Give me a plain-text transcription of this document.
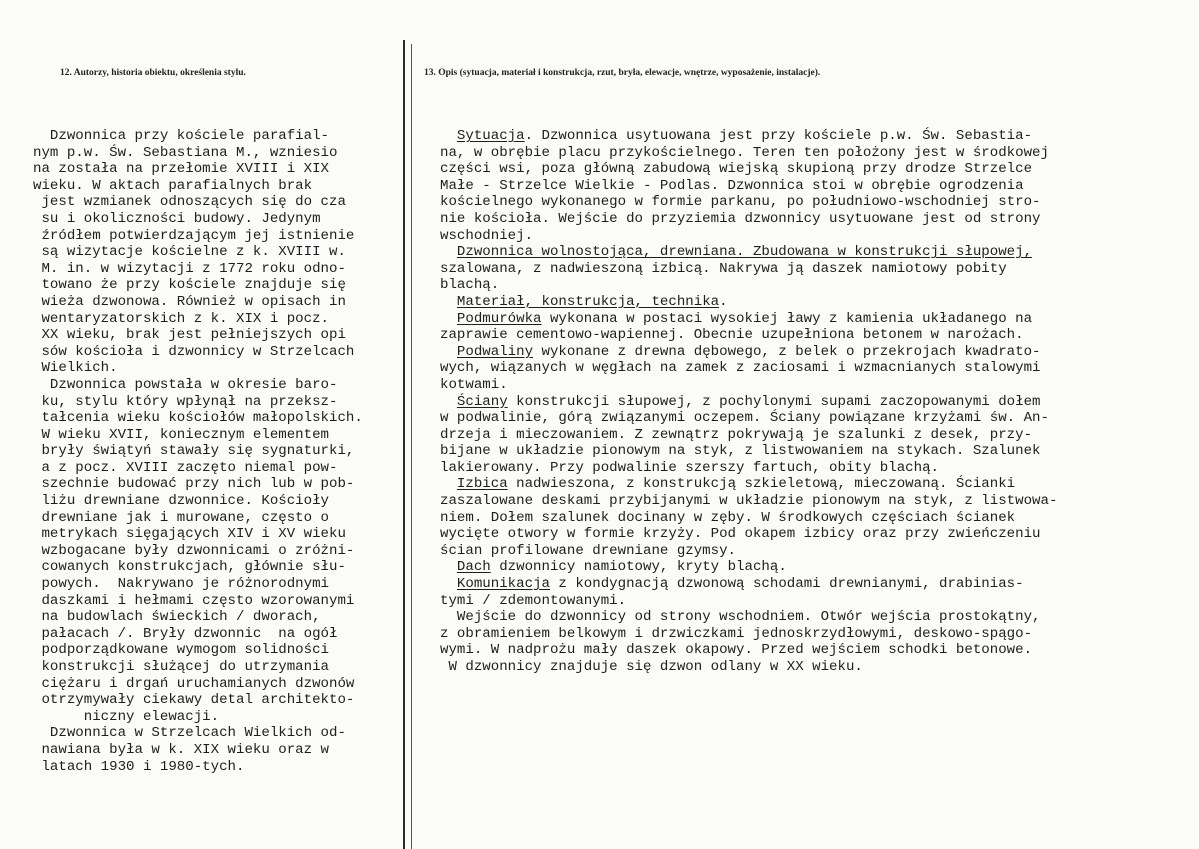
12. Autorzy, historia obiektu, określenia stylu.	13. Opis (sytuacja, materiał i konstrukcja, rzut, bryła, elewacje, wnętrze, wyposażenie, instalacje).
Dzwonnica przy kościele parafial-
nym p.w. Św. Sebastiana M., wzniesio
na została na przełomie XVIII i XIX
wieku. W aktach parafialnych brak
jest wzmianek odnoszących się do cza
su i okoliczności budowy. Jedynym
źródłem potwierdzającym jej istnienie
są wizytacje kościelne z k. XVIII w.
M. in. w wizytacji z 1772 roku odno-
towano że przy kościele znajduje się
wieża dzwonowa. Również w opisach in
wentaryzatorskich z k. XIX i pocz.
XX wieku, brak jest pełniejszych opi
sów kościoła i dzwonnicy w Strzelcach
Wielkich.
Dzwonnica powstała w okresie baro-
ku, stylu który wpłynął na przeksz-
tałcenia wieku kościołów małopolskich.
W wieku XVII, koniecznym elementem
bryły świątyń stawały się sygnaturki,
a z pocz. XVIII zaczęto niemal pow-
szechnie budować przy nich lub w pob-
liżu drewniane dzwonnice. Kościoły
drewniane jak i murowane, często o
metrykach sięgających XIV i XV wieku
wzbogacane były dzwonnicami o zróżni-
cowanych konstrukcjach, głównie słu-
powych.  Nakrywano je różnorodnymi
daszkami i hełmami często wzorowanymi
na budowlach świeckich / dworach,
pałacach /. Bryły dzwonnic  na ogół
podporządkowane wymogom solidności
konstrukcji służącej do utrzymania
ciężaru i drgań uruchamianych dzwonów
otrzymywały ciekawy detal architekto-
niczny elewacji.
Dzwonnica w Strzelcach Wielkich od-
nawiana była w k. XIX wieku oraz w
latach 1930 i 1980-tych.
Sytuacja. Dzwonnica usytuowana jest przy kościele p.w. Św. Sebastia-
na, w obrębie placu przykościelnego. Teren ten położony jest w środkowej
części wsi, poza główną zabudową wiejską skupioną przy drodze Strzelce
Małe - Strzelce Wielkie - Podlas. Dzwonnica stoi w obrębie ogrodzenia
kościelnego wykonanego w formie parkanu, po południowo-wschodniej stro-
nie kościoła. Wejście do przyziemia dzwonnicy usytuowane jest od strony
wschodniej.
Dzwonnica wolnostojąca, drewniana. Zbudowana w konstrukcji słupowej,
szalowana, z nadwieszoną izbicą. Nakrywa ją daszek namiotowy pobity
blachą.
Materiał, konstrukcja, technika.
Podmurówka wykonana w postaci wysokiej ławy z kamienia układanego na
zaprawie cementowo-wapiennej. Obecnie uzupełniona betonem w narożach.
Podwaliny wykonane z drewna dębowego, z belek o przekrojach kwadrato-
wych, wiązanych w węgłach na zamek z zaciosami i wzmacnianych stalowymi
kotwami.
Ściany konstrukcji słupowej, z pochylonymi supami zaczopowanymi dołem
w podwalinie, górą związanymi oczepem. Ściany powiązane krzyżami św. An-
drzeja i mieczowaniem. Z zewnątrz pokrywają je szalunki z desek, przy-
bijane w układzie pionowym na styk, z listwowaniem na stykach. Szalunek
lakierowany. Przy podwalinie szerszy fartuch, obity blachą.
Izbica nadwieszona, z konstrukcją szkieletową, mieczowaną. Ścianki
zaszalowane deskami przybijanymi w układzie pionowym na styk, z listwowa-
niem. Dołem szalunek docinany w zęby. W środkowych częściach ścianek
wycięte otwory w formie krzyży. Pod okapem izbicy oraz przy zwieńczeniu
ścian profilowane drewniane gzymsy.
Dach dzwonnicy namiotowy, kryty blachą.
Komunikacja z kondygnacją dzwonową schodami drewnianymi, drabinias-
tymi / zdemontowanymi.
Wejście do dzwonnicy od strony wschodniem. Otwór wejścia prostokątny,
z obramieniem belkowym i drzwiczkami jednoskrzydłowymi, deskowo-spągo-
wymi. W nadprożu mały daszek okapowy. Przed wejściem schodki betonowe.
W dzwonnicy znajduje się dzwon odlany w XX wieku.
